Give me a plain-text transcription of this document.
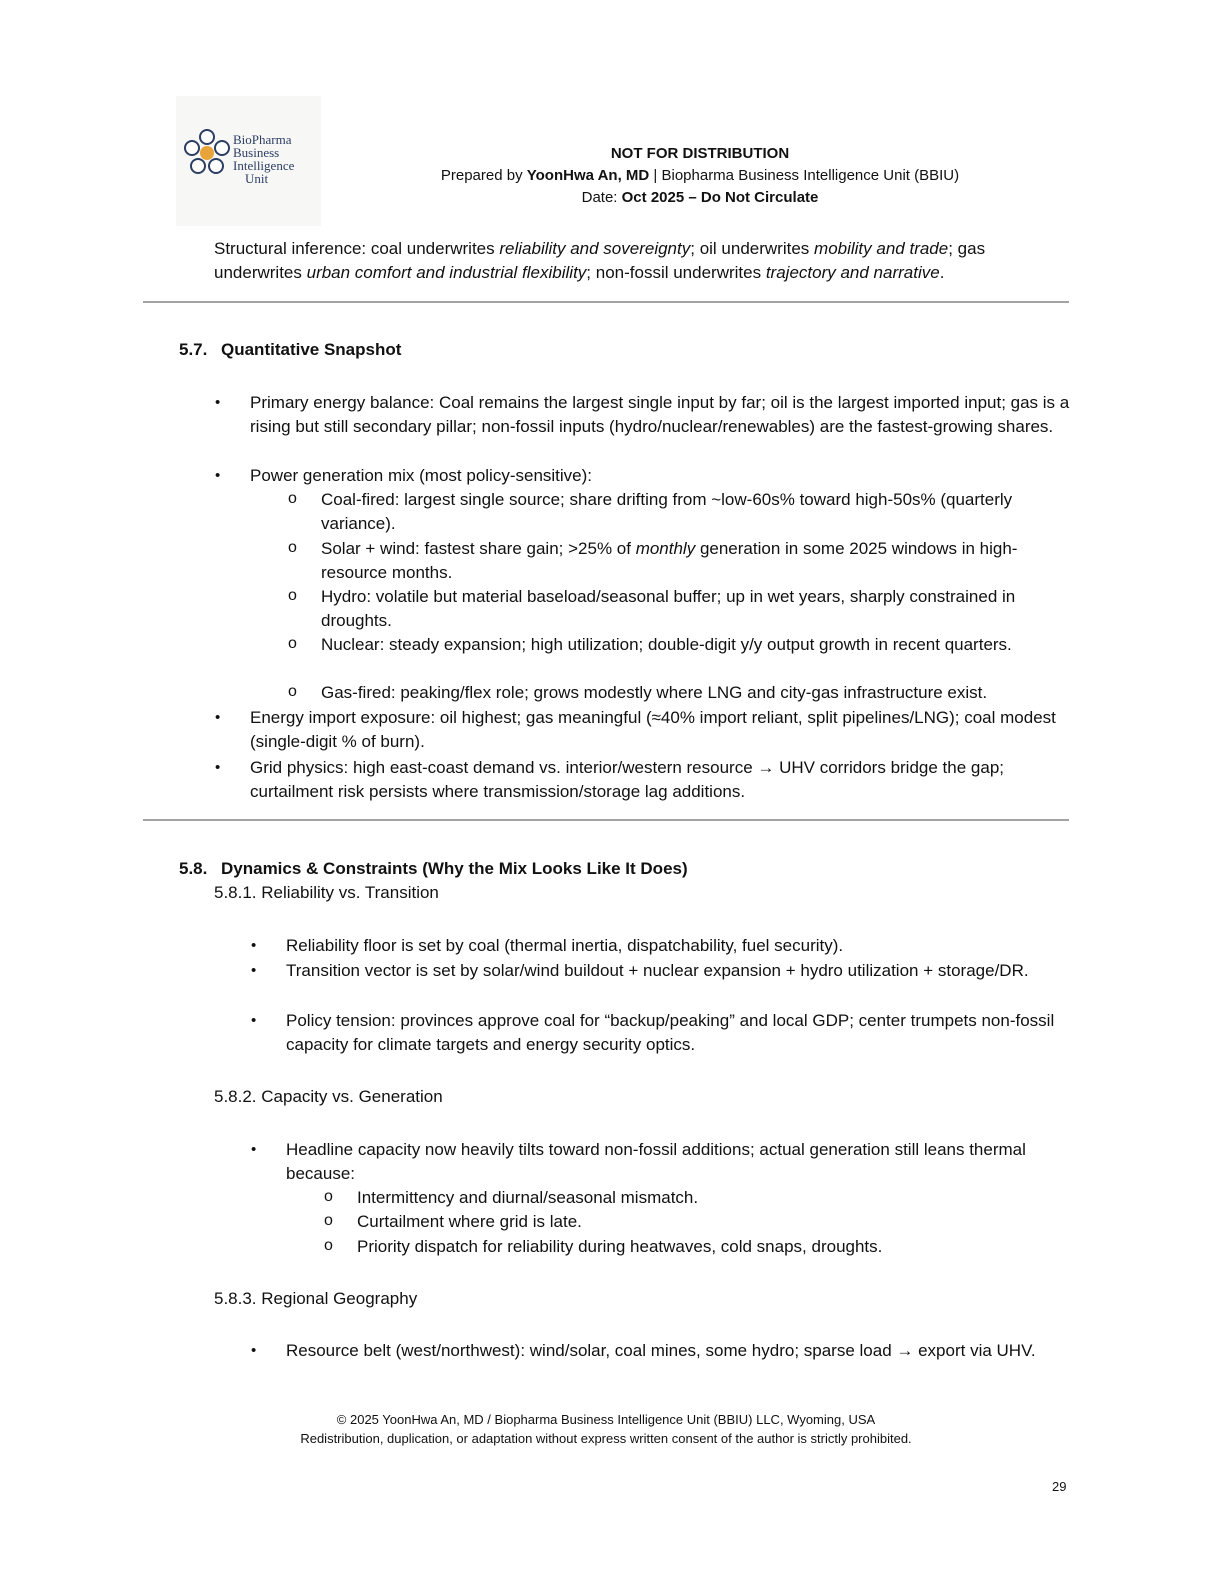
BioPharma
Business
Intelligence
Unit
NOT FOR DISTRIBUTION
Prepared by YoonHwa An, MD | Biopharma Business Intelligence Unit (BBIU)
Date: Oct 2025 – Do Not Circulate
Structural inference: coal underwrites reliability and sovereignty; oil underwrites mobility and trade; gas underwrites urban comfort and industrial flexibility; non-fossil underwrites trajectory and narrative.
5.7. Quantitative Snapshot
• Primary energy balance: Coal remains the largest single input by far; oil is the largest imported input; gas is a rising but still secondary pillar; non-fossil inputs (hydro/nuclear/renewables) are the fastest-growing shares.
• Power generation mix (most policy-sensitive):
o Coal-fired: largest single source; share drifting from ~low-60s% toward high-50s% (quarterly variance).
o Solar + wind: fastest share gain; >25% of monthly generation in some 2025 windows in high-resource months.
o Hydro: volatile but material baseload/seasonal buffer; up in wet years, sharply constrained in droughts.
o Nuclear: steady expansion; high utilization; double-digit y/y output growth in recent quarters.
o Gas-fired: peaking/flex role; grows modestly where LNG and city-gas infrastructure exist.
• Energy import exposure: oil highest; gas meaningful (≈40% import reliant, split pipelines/LNG); coal modest (single-digit % of burn).
• Grid physics: high east-coast demand vs. interior/western resource → UHV corridors bridge the gap; curtailment risk persists where transmission/storage lag additions.
5.8. Dynamics & Constraints (Why the Mix Looks Like It Does)
5.8.1. Reliability vs. Transition
• Reliability floor is set by coal (thermal inertia, dispatchability, fuel security).
• Transition vector is set by solar/wind buildout + nuclear expansion + hydro utilization + storage/DR.
• Policy tension: provinces approve coal for “backup/peaking” and local GDP; center trumpets non-fossil capacity for climate targets and energy security optics.
5.8.2. Capacity vs. Generation
• Headline capacity now heavily tilts toward non-fossil additions; actual generation still leans thermal because:
o Intermittency and diurnal/seasonal mismatch.
o Curtailment where grid is late.
o Priority dispatch for reliability during heatwaves, cold snaps, droughts.
5.8.3. Regional Geography
• Resource belt (west/northwest): wind/solar, coal mines, some hydro; sparse load → export via UHV.
© 2025 YoonHwa An, MD / Biopharma Business Intelligence Unit (BBIU) LLC, Wyoming, USA
Redistribution, duplication, or adaptation without express written consent of the author is strictly prohibited.
29
